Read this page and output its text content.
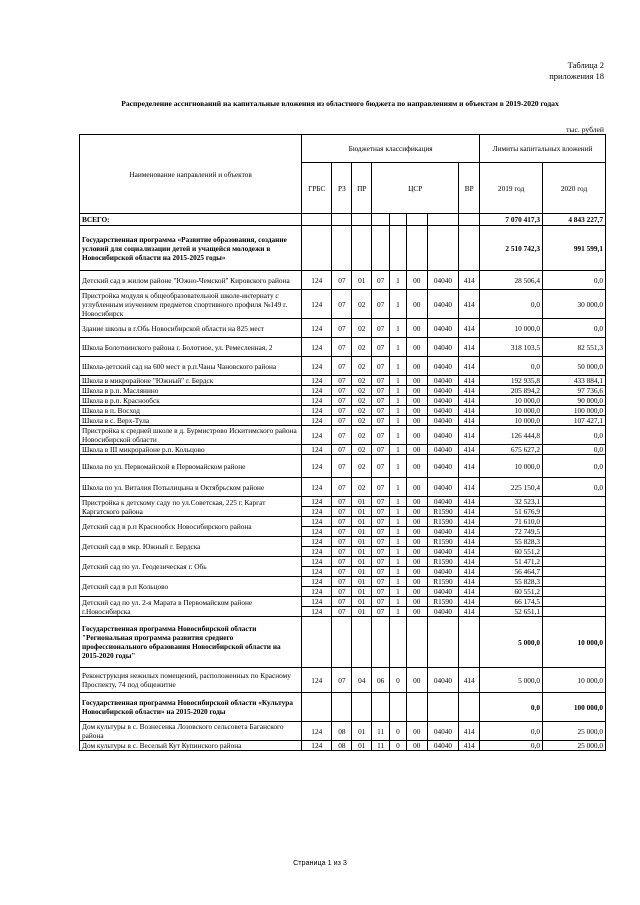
Таблица 2
приложения 18
Распределение ассигнований на капитальные вложения из областного бюджета по направлениям и объектам в 2019-2020 годах
тыс. рублей
Наименование направлений и объектов	Бюджетная классификация								Лимиты капитальных вложений	
	ГРБС	РЗ	ПР	ЦСР				ВР	2019 год	2020 год
ВСЕГО:									7 070 417,3	4 843 227,7
Государственная программа «Развитие образования, создание условий для социализации детей и учащейся молодежи в Новосибирской области на 2015-2025 годы»									2 510 742,3	991 599,1
Детский сад в жилом районе "Южно-Чемской" Кировского района	124	07	01	07	1	00	04040	414	28 506,4	0,0
Пристройка модуля к общеобразовательной школе-интернату с углубленным изучением предметов спортивного профиля №149 г. Новосибирск	124	07	02	07	1	00	04040	414	0,0	30 000,0
Здание школы в г.Обь Новосибирской области на 825 мест	124	07	02	07	1	00	04040	414	10 000,0	0,0
Школа Болотнинского района г. Болотное, ул. Ремесленная, 2	124	07	02	07	1	00	04040	414	318 103,5	82 551,3
Школа-детский сад на 600 мест в р.п.Чаны Чановского района	124	07	02	07	1	00	04040	414	0,0	50 000,0
Школа в микрорайоне "Южный" г. Бердск	124	07	02	07	1	00	04040	414	192 935,8	433 884,1
Школа в р.п. Маслянино	124	07	02	07	1	00	04040	414	205 894,2	97 736,6
Школа в р.п. Краснообск	124	07	02	07	1	00	04040	414	10 000,0	90 000,0
Школа в п. Восход	124	07	02	07	1	00	04040	414	10 000,0	100 000,0
Школа в с. Верх-Тула	124	07	02	07	1	00	04040	414	10 000,0	107 427,1
Пристройка к средней школе в д. Бурмистрово Искитимского района Новосибирской области	124	07	02	07	1	00	04040	414	126 444,8	0,0
Школа в III микрорайоне р.п. Кольцово	124	07	02	07	1	00	04040	414	675 627,2	0,0
Школа по ул. Первомайской в Первомайском районе	124	07	02	07	1	00	04040	414	10 000,0	0,0
Школа по ул. Виталия Потылицына в Октябрьском районе	124	07	02	07	1	00	04040	414	225 150,4	0,0
Пристройка к детскому саду по ул.Советская, 225 г. Каргат Каргатского района	124	07	01	07	1	00	04040	414	32 523,1	
	124	07	01	07	1	00	R1590	414	51 676,9	
Детский сад в р.п Краснообск Новосибирского района	124	07	01	07	1	00	R1590	414	71 610,0	
	124	07	01	07	1	00	04040	414	72 749,5	
Детский сад в мкр. Южный г. Бердска	124	07	01	07	1	00	R1590	414	55 828,3	
	124	07	01	07	1	00	04040	414	60 551,2	
Детский сад по ул. Геодезическая г. Обь	124	07	01	07	1	00	R1590	414	51 471,2	
	124	07	01	07	1	00	04040	414	56 464,7	
Детский сад в р.п Кольцово	124	07	01	07	1	00	R1590	414	55 828,3	
	124	07	01	07	1	00	04040	414	60 551,2	
Детский сад по ул. 2-я Марата в Первомайском районе г.Новосибирска	124	07	01	07	1	00	R1590	414	66 174,5	
	124	07	01	07	1	00	04040	414	52 651,1	
Государственная программа Новосибирской области "Региональная программа развития среднего профессионального образования Новосибирской области на 2015-2020 годы"									5 000,0	10 000,0
Реконструкция нежилых помещений, расположенных по Красному Проспекту, 74 под общежитие	124	07	04	06	0	00	04040	414	5 000,0	10 000,0
Государственная программа Новосибирской области «Культура Новосибирской области» на 2015-2020 годы									0,0	100 000,0
Дом культуры в с. Вознесенка Лозовского сельсовета Баганского района	124	08	01	11	0	00	04040	414	0,0	25 000,0
Дом культуры в с. Веселый Кут Купинского района	124	08	01	11	0	00	04040	414	0,0	25 000,0
Страница 1 из 3
